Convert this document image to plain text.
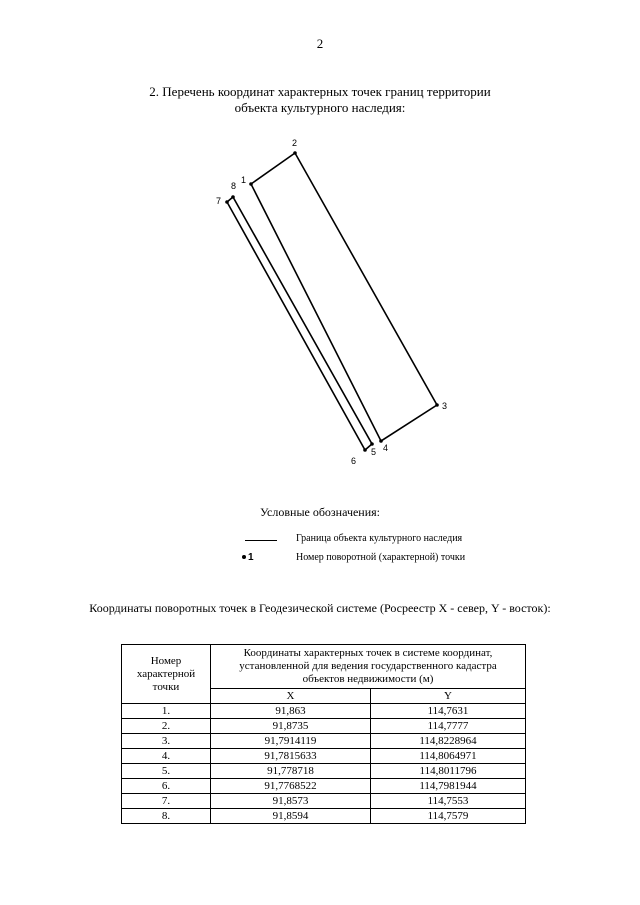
2
2. Перечень координат характерных точек границ территории
объекта культурного наследия:
1
2
3
4
5
6
7
8
Условные обозначения:
Граница объекта культурного наследия
1	Номер поворотной (характерной) точки
Координаты поворотных точек в Геодезической системе (Росреестр X - север, Y - восток):
Номер характерной точки	Координаты характерных точек в системе координат, установленной для ведения государственного кадастра объектов недвижимости (м)	
	X	Y
1.	91,863	114,7631
2.	91,8735	114,7777
3.	91,7914119	114,8228964
4.	91,7815633	114,8064971
5.	91,778718	114,8011796
6.	91,7768522	114,7981944
7.	91,8573	114,7553
8.	91,8594	114,7579
